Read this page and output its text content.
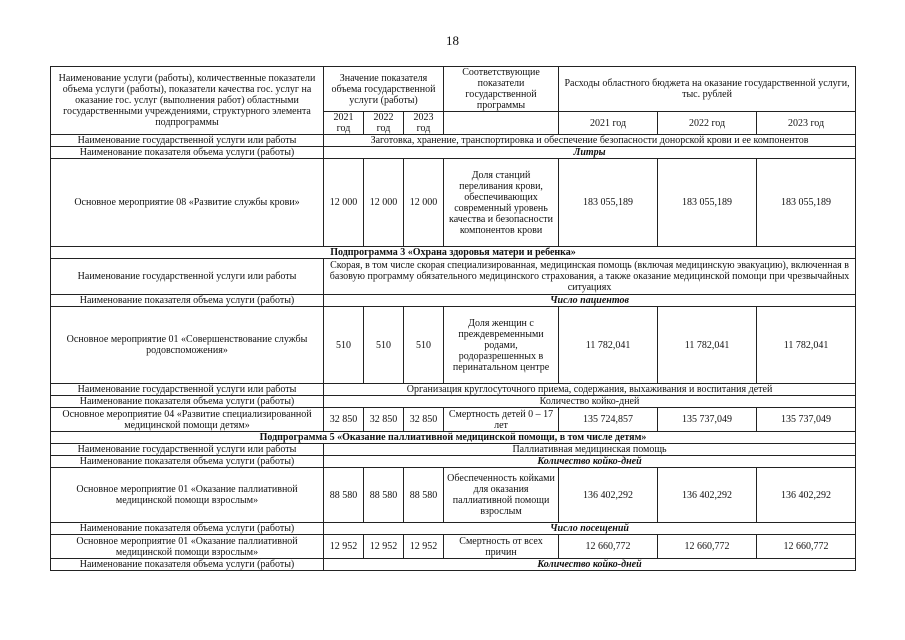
18
Наименование услуги (работы), количественные показатели объема услуги (работы), показатели качества гос. услуг на оказание гос. услуг (выполнения работ) областными государственными учреждениями, структурного элемента подпрограммы	Значение показателя объема государственной услуги (работы)			Соответствующие показатели государственной программы	Расходы областного бюджета на оказание государственной услуги, тыс. рублей		
	2021 год	2022 год	2023 год		2021 год	2022 год	2023 год
Наименование государственной услуги или работы	Заготовка, хранение, транспортировка и обеспечение безопасности донорской крови и ее компонентов						
Наименование показателя объема услуги (работы)	Литры						
Основное мероприятие 08 «Развитие службы крови»	12 000	12 000	12 000	Доля станций переливания крови, обеспечивающих современный уровень качества и безопасности компонентов крови	183 055,189	183 055,189	183 055,189
Подпрограмма 3 «Охрана здоровья матери и ребенка»							
Наименование государственной услуги или работы	Скорая, в том числе скорая специализированная, медицинская помощь (включая медицинскую эвакуацию), включенная в базовую программу обязательного медицинского страхования, а также оказание медицинской помощи при чрезвычайных ситуациях						
Наименование показателя объема услуги (работы)	Число пациентов						
Основное мероприятие 01 «Совершенствование службы родовспоможения»	510	510	510	Доля женщин с преждевременными родами, родоразрешенных в перинатальном центре	11 782,041	11 782,041	11 782,041
Наименование государственной услуги или работы	Организация круглосуточного приема, содержания, выхаживания и воспитания детей						
Наименование показателя объема услуги (работы)	Количество койко-дней						
Основное мероприятие 04 «Развитие специализированной медицинской помощи детям»	32 850	32 850	32 850	Смертность детей 0 – 17 лет	135 724,857	135 737,049	135 737,049
Подпрограмма 5 «Оказание паллиативной медицинской помощи, в том числе детям»							
Наименование государственной услуги или работы	Паллиативная медицинская помощь						
Наименование показателя объема услуги (работы)	Количество койко-дней						
Основное мероприятие 01 «Оказание паллиативной медицинской помощи взрослым»	88 580	88 580	88 580	Обеспеченность койками для оказания паллиативной помощи взрослым	136 402,292	136 402,292	136 402,292
Наименование показателя объема услуги (работы)	Число посещений						
Основное мероприятие 01 «Оказание паллиативной медицинской помощи взрослым»	12 952	12 952	12 952	Смертность от всех причин	12 660,772	12 660,772	12 660,772
Наименование показателя объема услуги (работы)	Количество койко-дней						
